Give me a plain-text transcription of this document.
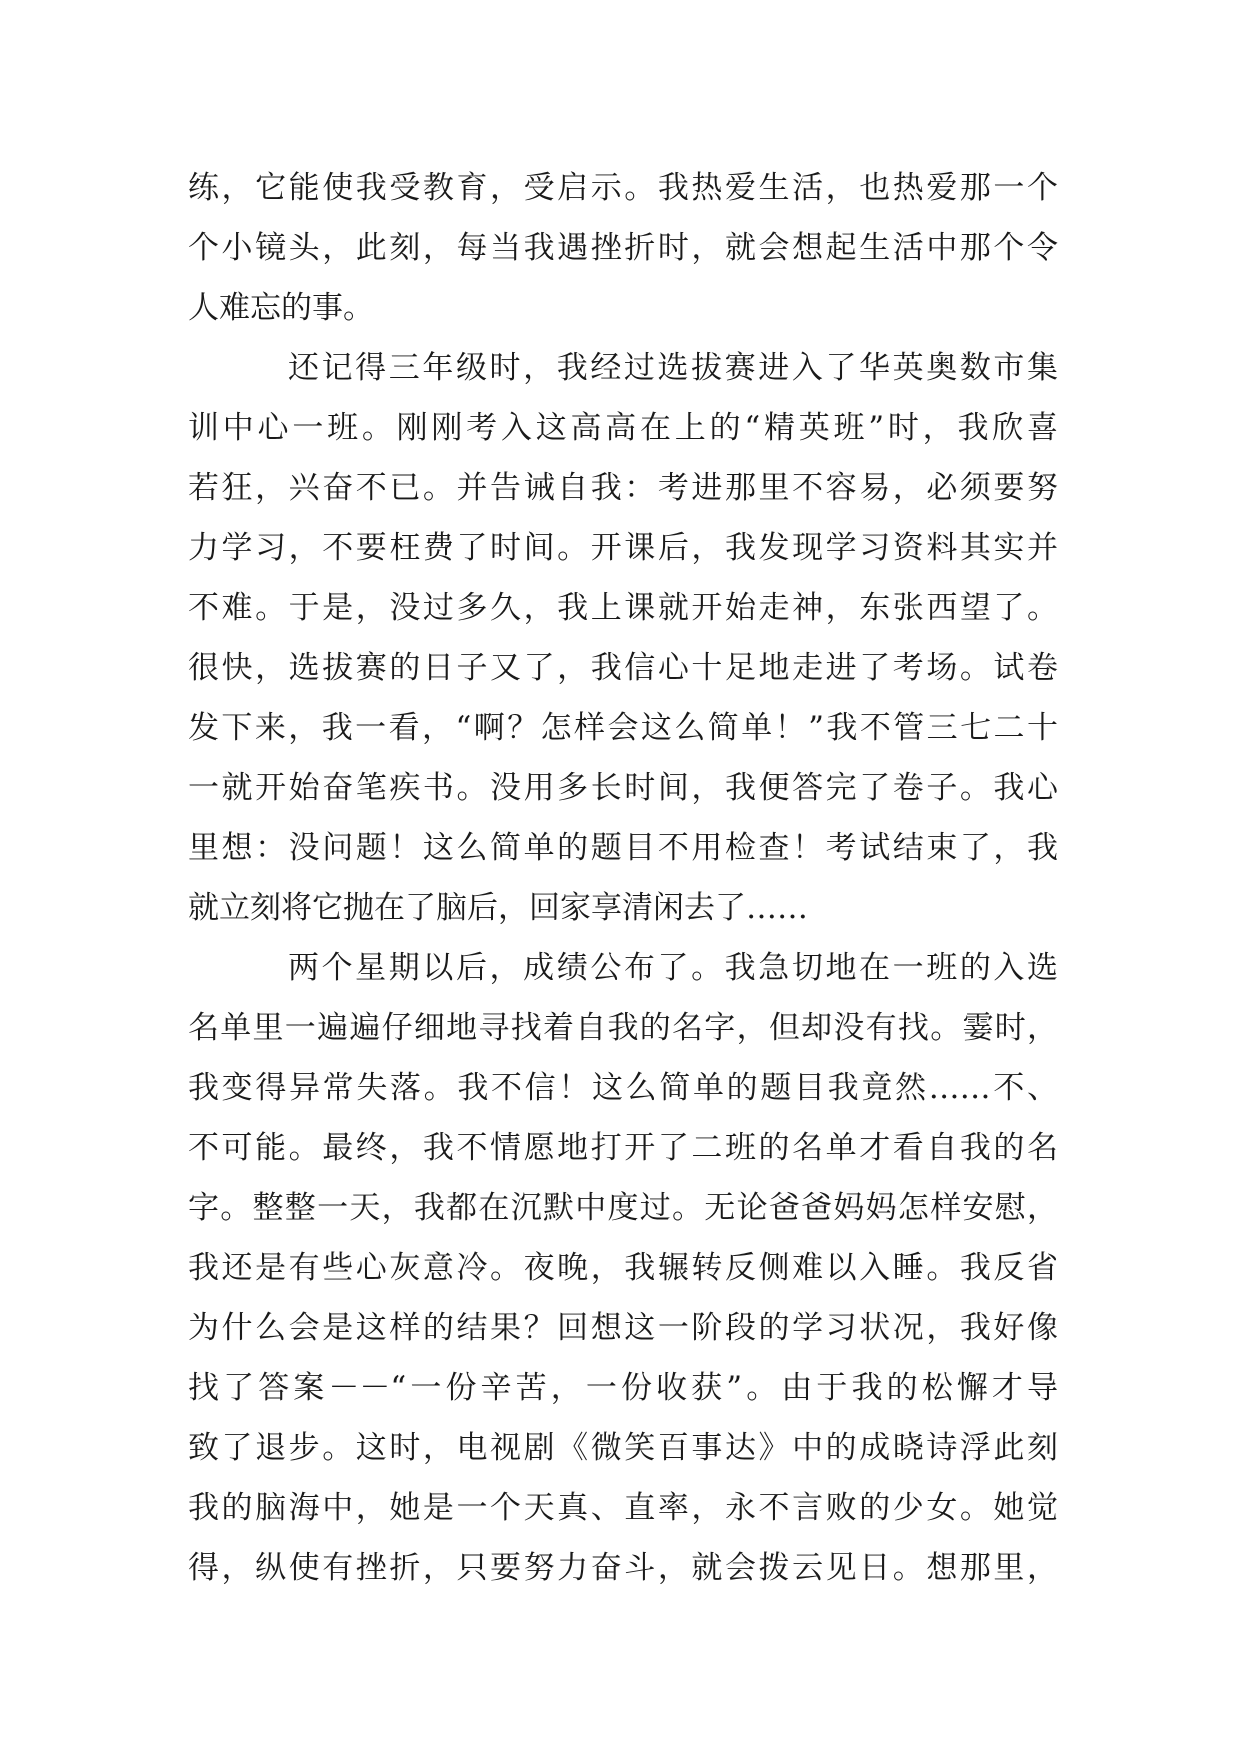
练，它能使我受教育，受启示。我热爱生活，也热爱那一个
个小镜头，此刻，每当我遇挫折时，就会想起生活中那个令
人难忘的事。
还记得三年级时，我经过选拔赛进入了华英奥数市集
训中心一班。刚刚考入这高高在上的“精英班”时，我欣喜
若狂，兴奋不已。并告诫自我：考进那里不容易，必须要努
力学习，不要枉费了时间。开课后，我发现学习资料其实并
不难。于是，没过多久，我上课就开始走神，东张西望了。
很快，选拔赛的日子又了，我信心十足地走进了考场。试卷
发下来，我一看，“啊？怎样会这么简单！”我不管三七二十
一就开始奋笔疾书。没用多长时间，我便答完了卷子。我心
里想：没问题！这么简单的题目不用检查！考试结束了，我
就立刻将它抛在了脑后，回家享清闲去了……
两个星期以后，成绩公布了。我急切地在一班的入选
名单里一遍遍仔细地寻找着自我的名字，但却没有找。霎时，
我变得异常失落。我不信！这么简单的题目我竟然……不、
不可能。最终，我不情愿地打开了二班的名单才看自我的名
字。整整一天，我都在沉默中度过。无论爸爸妈妈怎样安慰，
我还是有些心灰意冷。夜晚，我辗转反侧难以入睡。我反省
为什么会是这样的结果？回想这一阶段的学习状况，我好像
找了答案－－“一份辛苦，一份收获”。由于我的松懈才导
致了退步。这时，电视剧《微笑百事达》中的成晓诗浮此刻
我的脑海中，她是一个天真、直率，永不言败的少女。她觉
得，纵使有挫折，只要努力奋斗，就会拨云见日。想那里，
